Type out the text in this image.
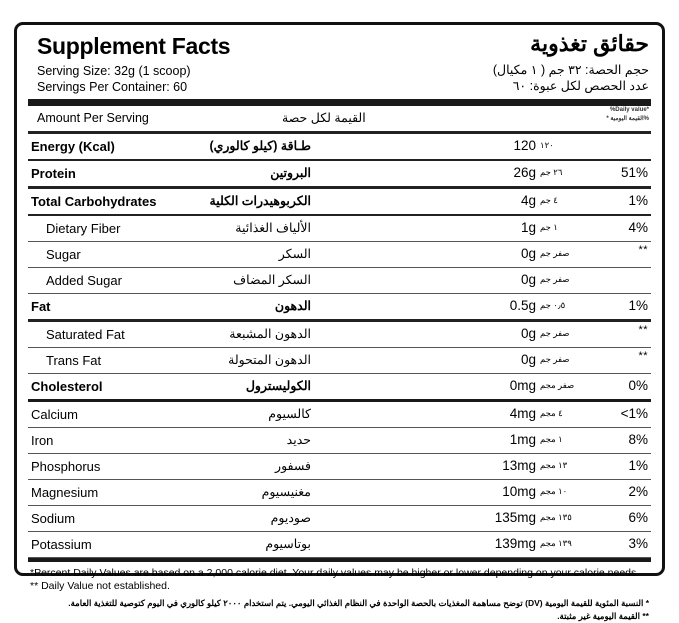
Supplement Facts	حقائق تغذوية
Serving Size: 32g (1 scoop)
Servings Per Container: 60
حجم الحصة: ٣٢ جم ( ١ مكيال)
عدد الحصص لكل عبوة: ٦٠
Amount Per Serving	القيمة لكل حصة
%Daily value*
%القيمة اليومية *
Energy (Kcal)	طـاقة (كيلو كالوري)	120 ١٢٠
Protein	البروتين	26g ٢٦ جم	51%
Total Carbohydrates	الكربوهيدرات الكلية	4g ٤ جم	1%
Dietary Fiber	الألياف الغذائية	1g ١ جم	4%
Sugar	السكر	0g صفر جم	**
Added Sugar	السكر المضاف	0g صفر جم
Fat	الدهون	0.5g ٠٫٥ جم	1%
Saturated Fat	الدهون المشبعة	0g صفر جم	**
Trans Fat	الدهون المتحولة	0g صفر جم	**
Cholesterol	الكوليسترول	0mg صفر مجم	0%
Calcium	كالسيوم	4mg ٤ مجم	<1%
Iron	حديد	1mg ١ مجم	8%
Phosphorus	فسفور	13mg ١٣ مجم	1%
Magnesium	مغنيسيوم	10mg ١٠ مجم	2%
Sodium	صوديوم	135mg ١٣٥ مجم	6%
Potassium	بوتاسيوم	139mg ١٣٩ مجم	3%
*Percent Daily Values are based on a 2,000 calorie diet. Your daily values may be higher or lower depending on your calorie needs. ** Daily Value not established.
* النسبة المئوية للقيمة اليومية (DV) توضح مساهمة المغذيات بالحصة الواحدة في النظام الغذائي اليومي. يتم استخدام ٢٠٠٠ كيلو كالوري في اليوم كتوصية للتغذية العامة. ** القيمة اليومية غير مثبتة.
